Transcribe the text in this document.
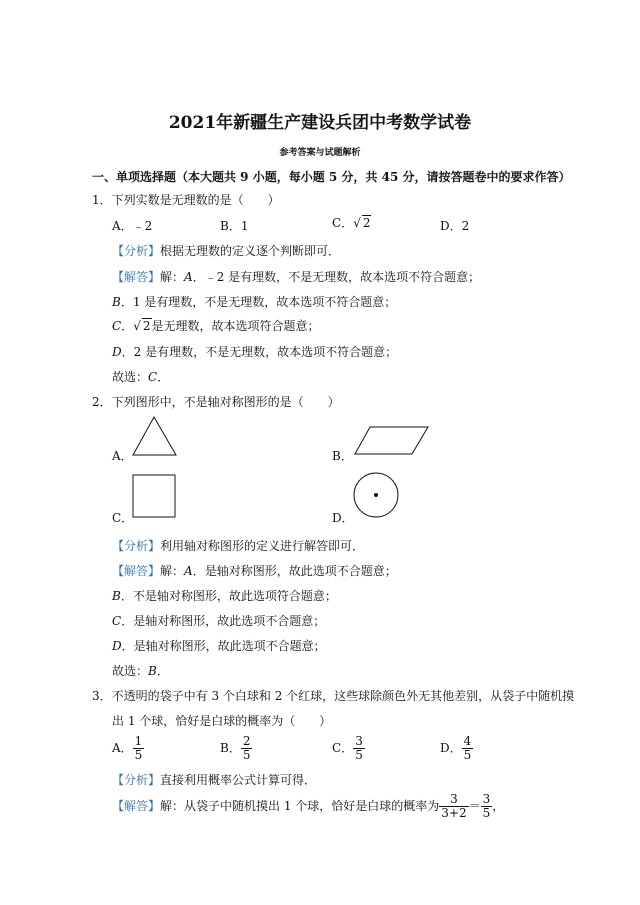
2021年新疆生产建设兵团中考数学试卷
参考答案与试题解析
一、单项选择题（本大题共 9 小题，每小题 5 分，共 45 分，请按答题卷中的要求作答）
1．下列实数是无理数的是（　　）
A．﹣2	B．1	C．√ 2	D．2
【分析】根据无理数的定义逐个判断即可．
【解答】解：A．﹣2 是有理数，不是无理数，故本选项不符合题意；
B．1 是有理数，不是无理数，故本选项不符合题意；
C．√ 2是无理数，故本选项符合题意；
D．2 是有理数，不是无理数，故本选项不符合题意；
故选：C．
2．下列图形中，不是轴对称图形的是（　　）
A．	B．
C．	D．
【分析】利用轴对称图形的定义进行解答即可．
【解答】解：A．是轴对称图形，故此选项不合题意；
B．不是轴对称图形，故此选项符合题意；
C．是轴对称图形，故此选项不合题意；
D．是轴对称图形，故此选项不合题意；
故选：B．
3．不透明的袋子中有 3 个白球和 2 个红球，这些球除颜色外无其他差别，从袋子中随机摸
出 1 个球，恰好是白球的概率为（　　）
A． $\frac{1}{5}$	B． $\frac{2}{5}$	C． $\frac{3}{5}$	D． $\frac{4}{5}$
【分析】直接利用概率公式计算可得．
【解答】解：从袋子中随机摸出 1 个球，恰好是白球的概率为 $\frac{3}{3+2} = \frac{3}{5}$ ，
